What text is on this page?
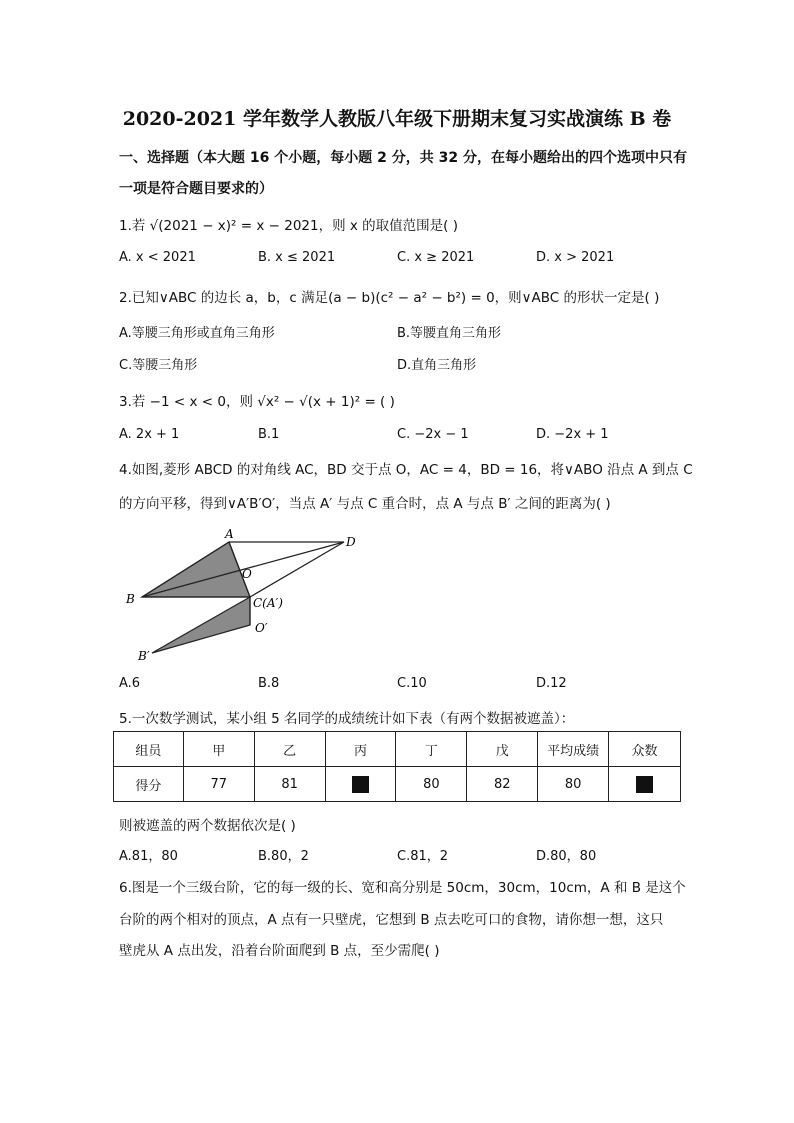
2020-2021 学年数学人教版八年级下册期末复习实战演练 B 卷
一、选择题（本大题 16 个小题，每小题 2 分，共 32 分，在每小题给出的四个选项中只有
一项是符合题目要求的）
1.若 √(2021 − x)² = x − 2021，则 x 的取值范围是( )
A. x < 2021	B. x ≤ 2021	C. x ≥ 2021	D. x > 2021
2.已知∨ABC 的边长 a，b，c 满足(a − b)(c² − a² − b²) = 0，则∨ABC 的形状一定是( )
A.等腰三角形或直角三角形	B.等腰直角三角形
C.等腰三角形	D.直角三角形
3.若 −1 < x < 0，则 √x² − √(x + 1)² = ( )
A. 2x + 1	B.1	C. −2x − 1	D. −2x + 1
4.如图,菱形 ABCD 的对角线 AC，BD 交于点 O，AC = 4，BD = 16，将∨ABO 沿点 A 到点 C
的方向平移，得到∨A′B′O′，当点 A′ 与点 C 重合时，点 A 与点 B′ 之间的距离为( )
A
D
O
B	C(A′)
O′
B′
A.6	B.8	C.10	D.12
5.一次数学测试，某小组 5 名同学的成绩统计如下表（有两个数据被遮盖）：
组员	甲	乙	丙	丁	戊	平均成绩	众数
得分	77	81		80	82	80	
则被遮盖的两个数据依次是( )
A.81，80	B.80，2	C.81，2	D.80，80
6.图是一个三级台阶，它的每一级的长、宽和高分别是 50cm，30cm，10cm，A 和 B 是这个
台阶的两个相对的顶点，A 点有一只壁虎，它想到 B 点去吃可口的食物，请你想一想，这只
壁虎从 A 点出发，沿着台阶面爬到 B 点，至少需爬( )
